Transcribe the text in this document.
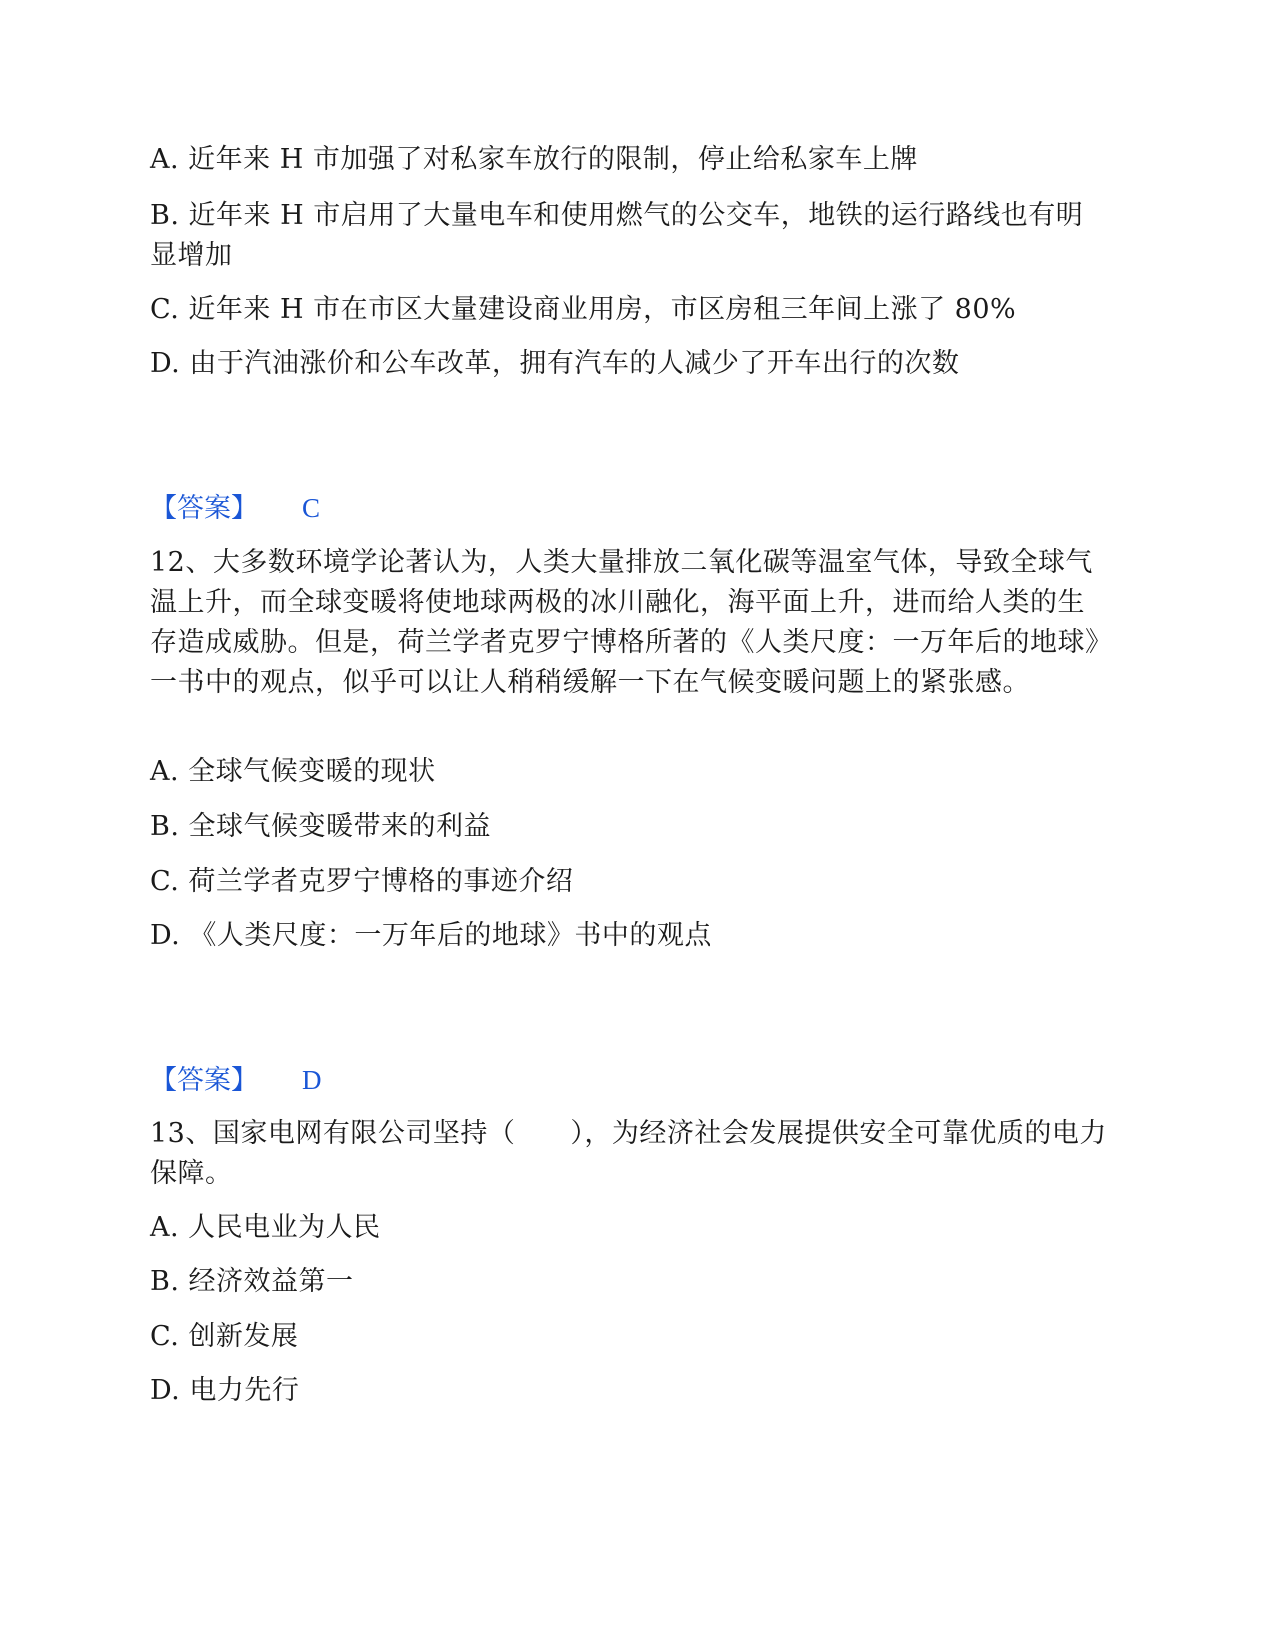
A. 近年来 H 市加强了对私家车放行的限制，停止给私家车上牌
B. 近年来 H 市启用了大量电车和使用燃气的公交车，地铁的运行路线也有明显增加
C. 近年来 H 市在市区大量建设商业用房，市区房租三年间上涨了 80%
D. 由于汽油涨价和公车改革，拥有汽车的人减少了开车出行的次数
【答案】 C
12、大多数环境学论著认为，人类大量排放二氧化碳等温室气体，导致全球气温上升，而全球变暖将使地球两极的冰川融化，海平面上升，进而给人类的生存造成威胁。但是，荷兰学者克罗宁博格所著的《人类尺度：一万年后的地球》一书中的观点，似乎可以让人稍稍缓解一下在气候变暖问题上的紧张感。
A. 全球气候变暖的现状
B. 全球气候变暖带来的利益
C. 荷兰学者克罗宁博格的事迹介绍
D. 《人类尺度：一万年后的地球》书中的观点
【答案】 D
13、国家电网有限公司坚持（　　），为经济社会发展提供安全可靠优质的电力保障。
A. 人民电业为人民
B. 经济效益第一
C. 创新发展
D. 电力先行
